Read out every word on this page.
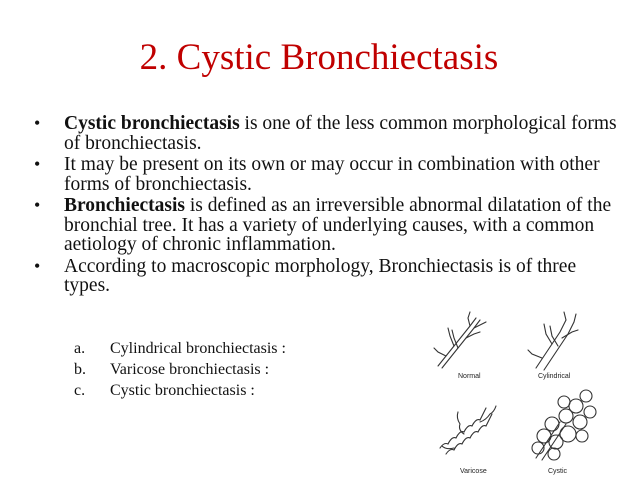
2. Cystic Bronchiectasis
• Cystic bronchiectasis is one of the less common morphological forms of bronchiectasis.
• It may be present on its own or may occur in combination with other forms of bronchiectasis.
• Bronchiectasis is defined as an irreversible abnormal dilatation of the bronchial tree. It has a variety of underlying causes, with a common aetiology of chronic inflammation.
• According to macroscopic morphology, Bronchiectasis is of three types.
a. Cylindrical bronchiectasis :
b. Varicose bronchiectasis :
c. Cystic bronchiectasis :
Normal	Cylindrical
Varicose	Cystic
